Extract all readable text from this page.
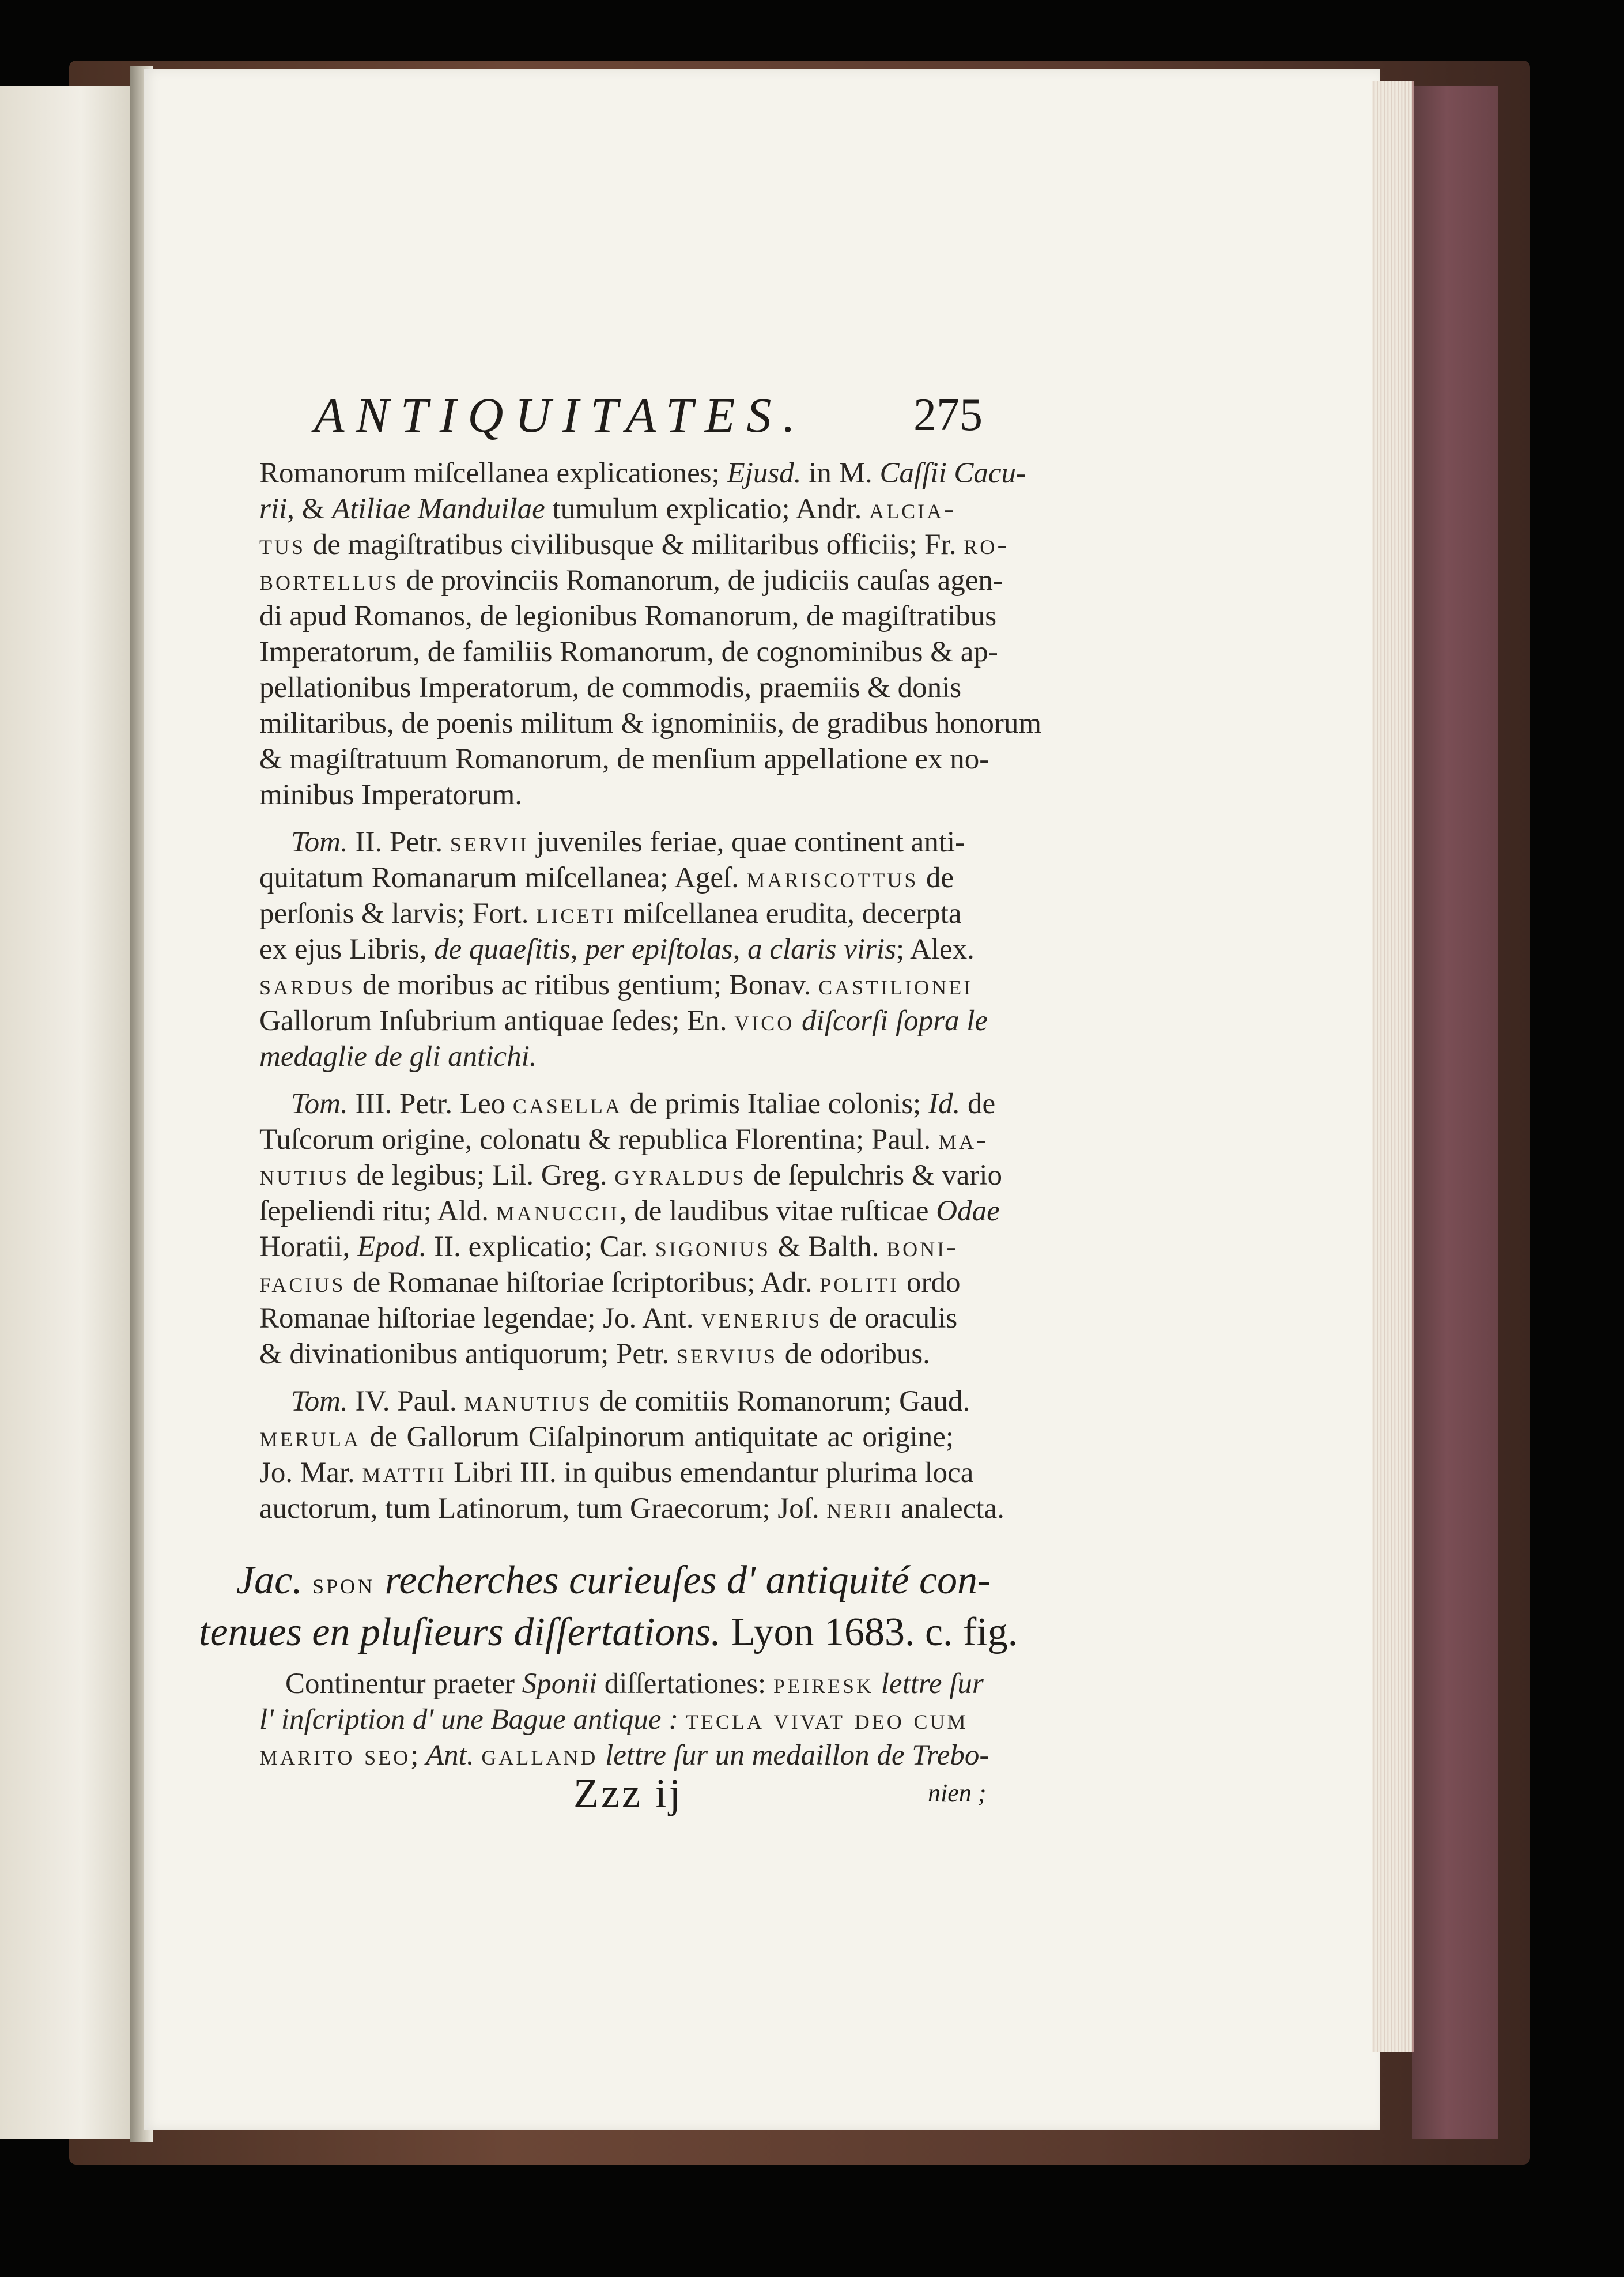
ANTIQUITATES.	275
Romanorum miſcellanea explicationes; Ejusd. in M. Caſſii Cacu-
rii, & Atiliae Manduilae tumulum explicatio; Andr. alcia-
tus de magiſtratibus civilibusque & militaribus officiis; Fr. ro-
bortellus de provinciis Romanorum, de judiciis cauſas agen-
di apud Romanos, de legionibus Romanorum, de magiſtratibus
Imperatorum, de familiis Romanorum, de cognominibus & ap-
pellationibus Imperatorum, de commodis, praemiis & donis
militaribus, de poenis militum & ignominiis, de gradibus honorum
& magiſtratuum Romanorum, de menſium appellatione ex no-
minibus Imperatorum.
Tom. II. Petr. servii juveniles feriae, quae continent anti-
quitatum Romanarum miſcellanea; Ageſ. mariscottus de
perſonis & larvis; Fort. liceti miſcellanea erudita, decerpta
ex ejus Libris, de quaeſitis, per epiſtolas, a claris viris; Alex.
sardus de moribus ac ritibus gentium; Bonav. castilionei
Gallorum Inſubrium antiquae ſedes; En. vico diſcorſi ſopra le
medaglie de gli antichi.
Tom. III. Petr. Leo casella de primis Italiae colonis; Id. de
Tuſcorum origine, colonatu & republica Florentina; Paul. ma-
nutius de legibus; Lil. Greg. gyraldus de ſepulchris & vario
ſepeliendi ritu; Ald. manuccii, de laudibus vitae ruſticae Odae
Horatii, Epod. II. explicatio; Car. sigonius & Balth. boni-
facius de Romanae hiſtoriae ſcriptoribus; Adr. politi ordo
Romanae hiſtoriae legendae; Jo. Ant. venerius de oraculis
& divinationibus antiquorum; Petr. servius de odoribus.
Tom. IV. Paul. manutius de comitiis Romanorum; Gaud.
merula de Gallorum Ciſalpinorum antiquitate ac origine;
Jo. Mar. mattii Libri III. in quibus emendantur plurima loca
auctorum, tum Latinorum, tum Graecorum; Joſ. nerii analecta.
Jac. spon recherches curieuſes d' antiquité con-
tenues en pluſieurs diſſertations. Lyon 1683. c. fig.
Continentur praeter Sponii diſſertationes: peiresk lettre ſur
l' inſcription d' une Bague antique : tecla vivat deo cum
marito seo; Ant. galland lettre ſur un medaillon de Trebo-
Zzz ij	nien ;
